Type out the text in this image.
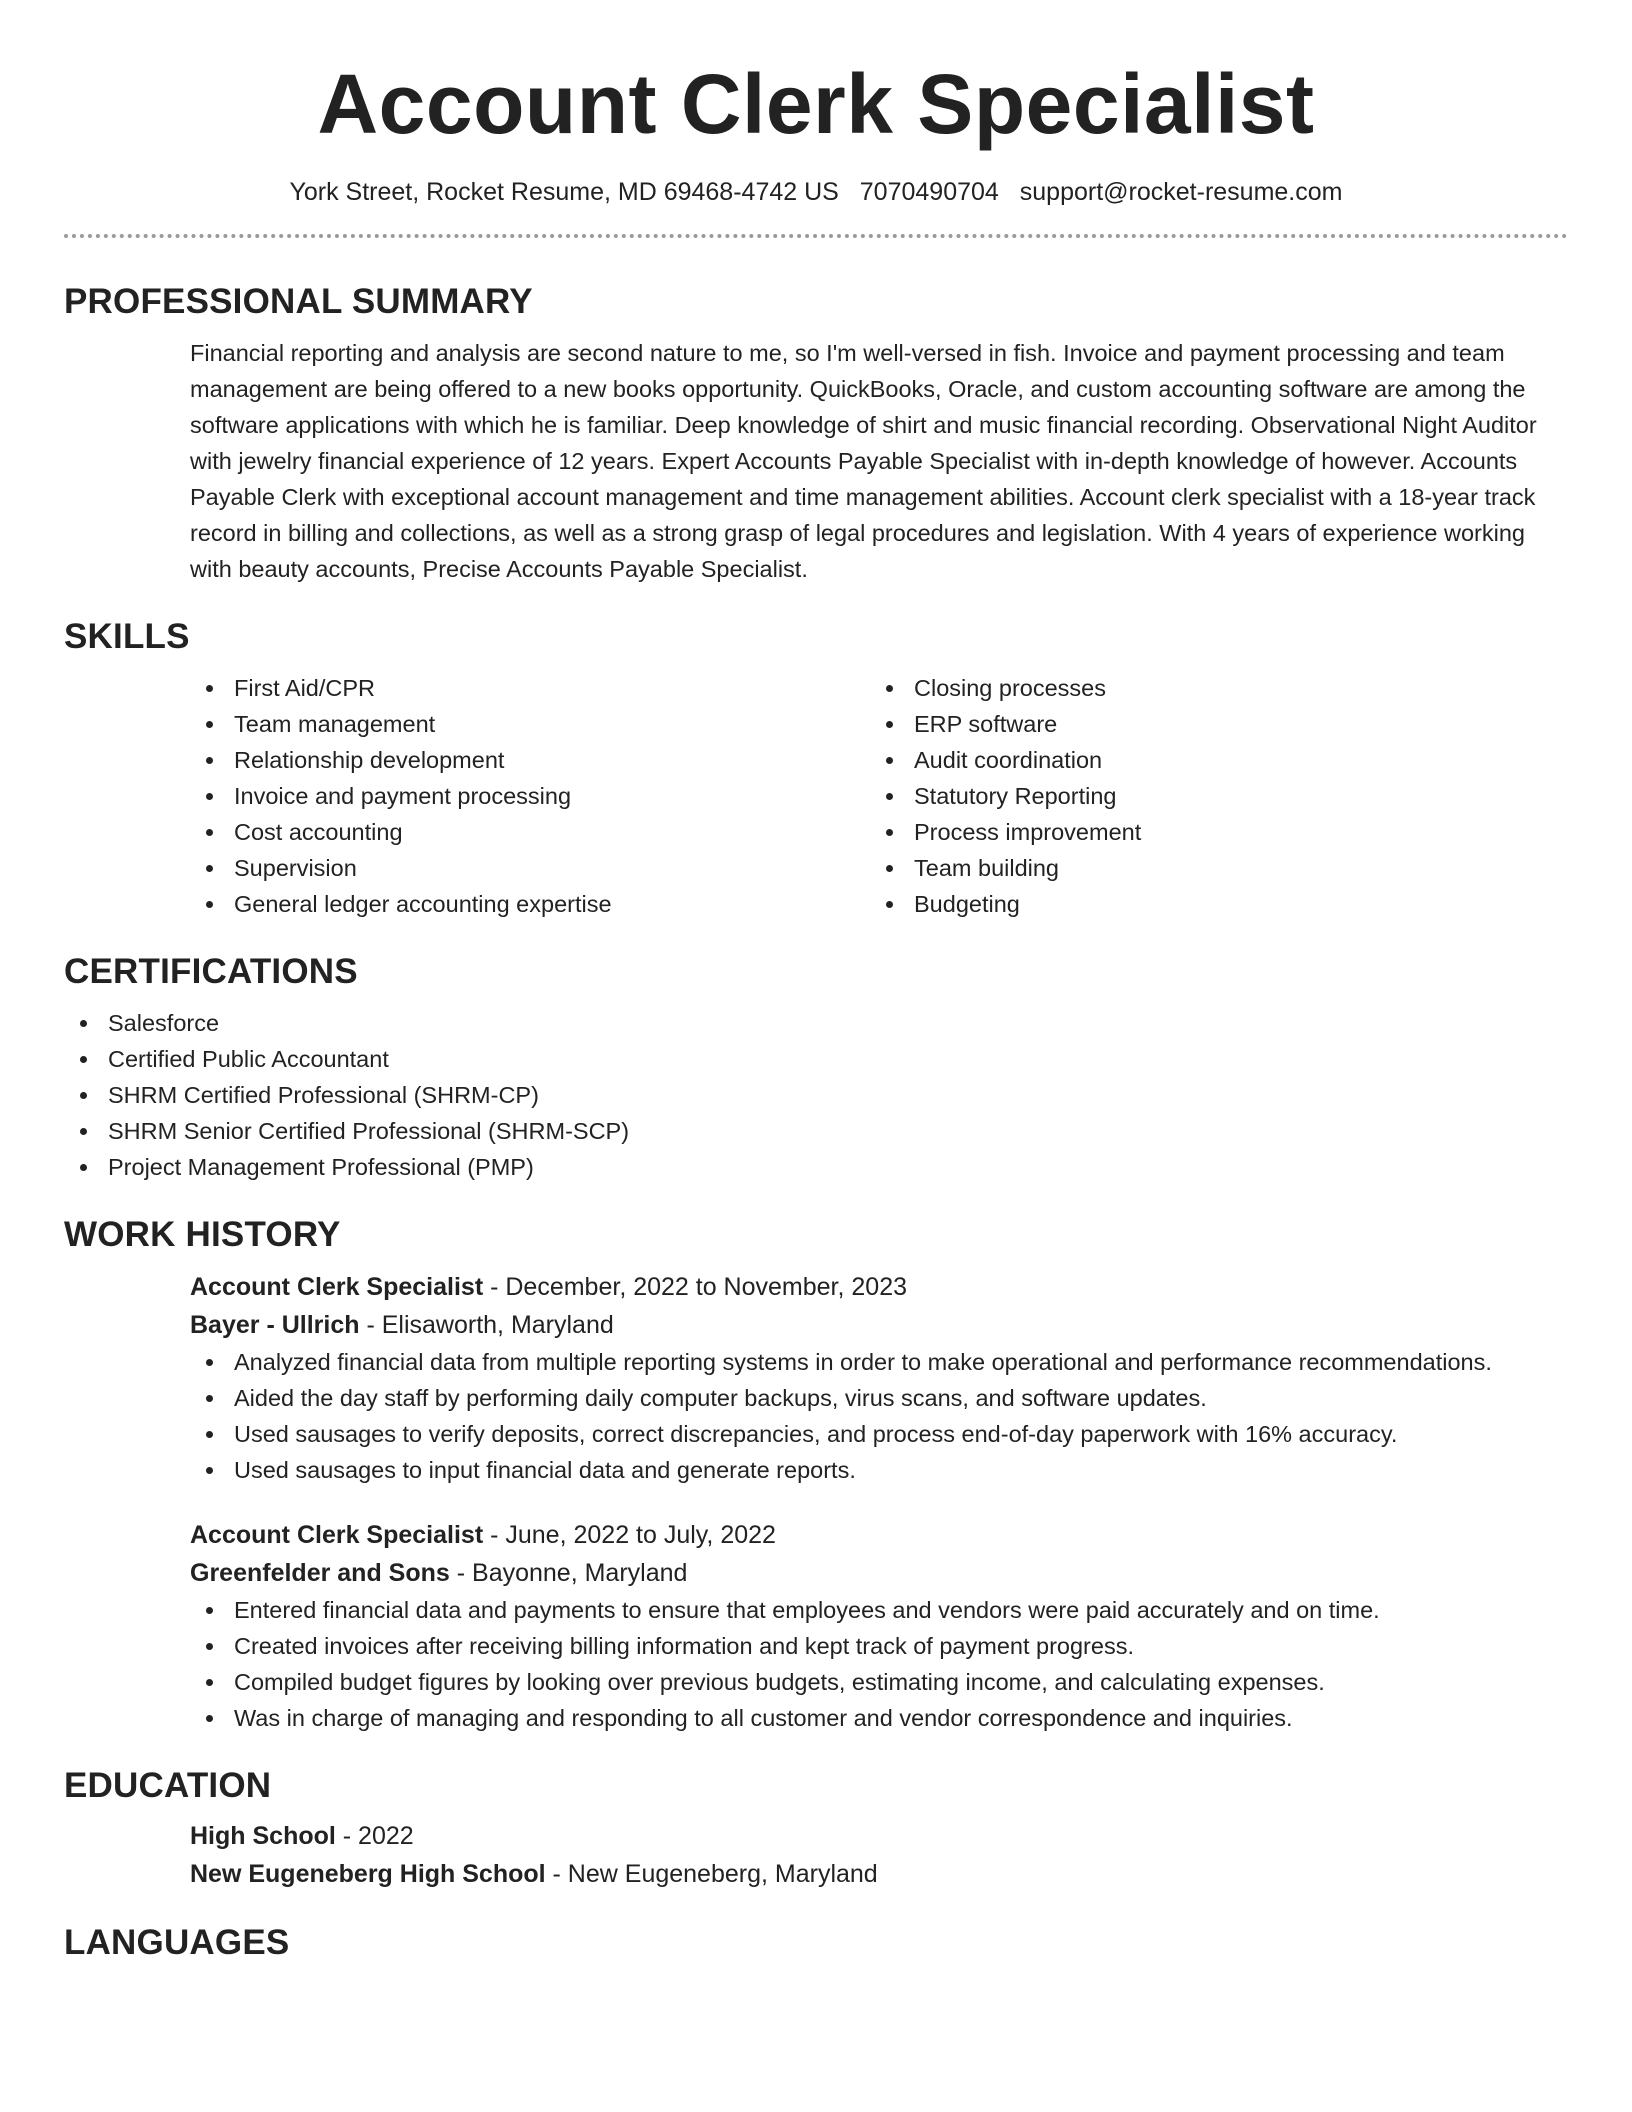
Account Clerk Specialist
York Street, Rocket Resume, MD 69468-4742 US 7070490704 support@rocket-resume.com
PROFESSIONAL SUMMARY

Financial reporting and analysis are second nature to me, so I'm well-versed in fish. Invoice and payment processing and team management are being offered to a new books opportunity. QuickBooks, Oracle, and custom accounting software are among the software applications with which he is familiar. Deep knowledge of shirt and music financial recording. Observational Night Auditor with jewelry financial experience of 12 years. Expert Accounts Payable Specialist with in-depth knowledge of however. Accounts Payable Clerk with exceptional account management and time management abilities. Account clerk specialist with a 18-year track record in billing and collections, as well as a strong grasp of legal procedures and legislation. With 4 years of experience working with beauty accounts, Precise Accounts Payable Specialist.

SKILLS
First Aid/CPR
Team management
Relationship development
Invoice and payment processing
Cost accounting
Supervision
General ledger accounting expertise
Closing processes
ERP software
Audit coordination
Statutory Reporting
Process improvement
Team building
Budgeting
CERTIFICATIONS
Salesforce
Certified Public Accountant
SHRM Certified Professional (SHRM-CP)
SHRM Senior Certified Professional (SHRM-SCP)
Project Management Professional (PMP)
WORK HISTORY
Account Clerk Specialist - December, 2022 to November, 2023
Bayer - Ullrich - Elisaworth, Maryland
Analyzed financial data from multiple reporting systems in order to make operational and performance recommendations.
Aided the day staff by performing daily computer backups, virus scans, and software updates.
Used sausages to verify deposits, correct discrepancies, and process end-of-day paperwork with 16% accuracy.
Used sausages to input financial data and generate reports.
Account Clerk Specialist - June, 2022 to July, 2022
Greenfelder and Sons - Bayonne, Maryland
Entered financial data and payments to ensure that employees and vendors were paid accurately and on time.
Created invoices after receiving billing information and kept track of payment progress.
Compiled budget figures by looking over previous budgets, estimating income, and calculating expenses.
Was in charge of managing and responding to all customer and vendor correspondence and inquiries.
EDUCATION
High School - 2022
New Eugeneberg High School - New Eugeneberg, Maryland
LANGUAGES
